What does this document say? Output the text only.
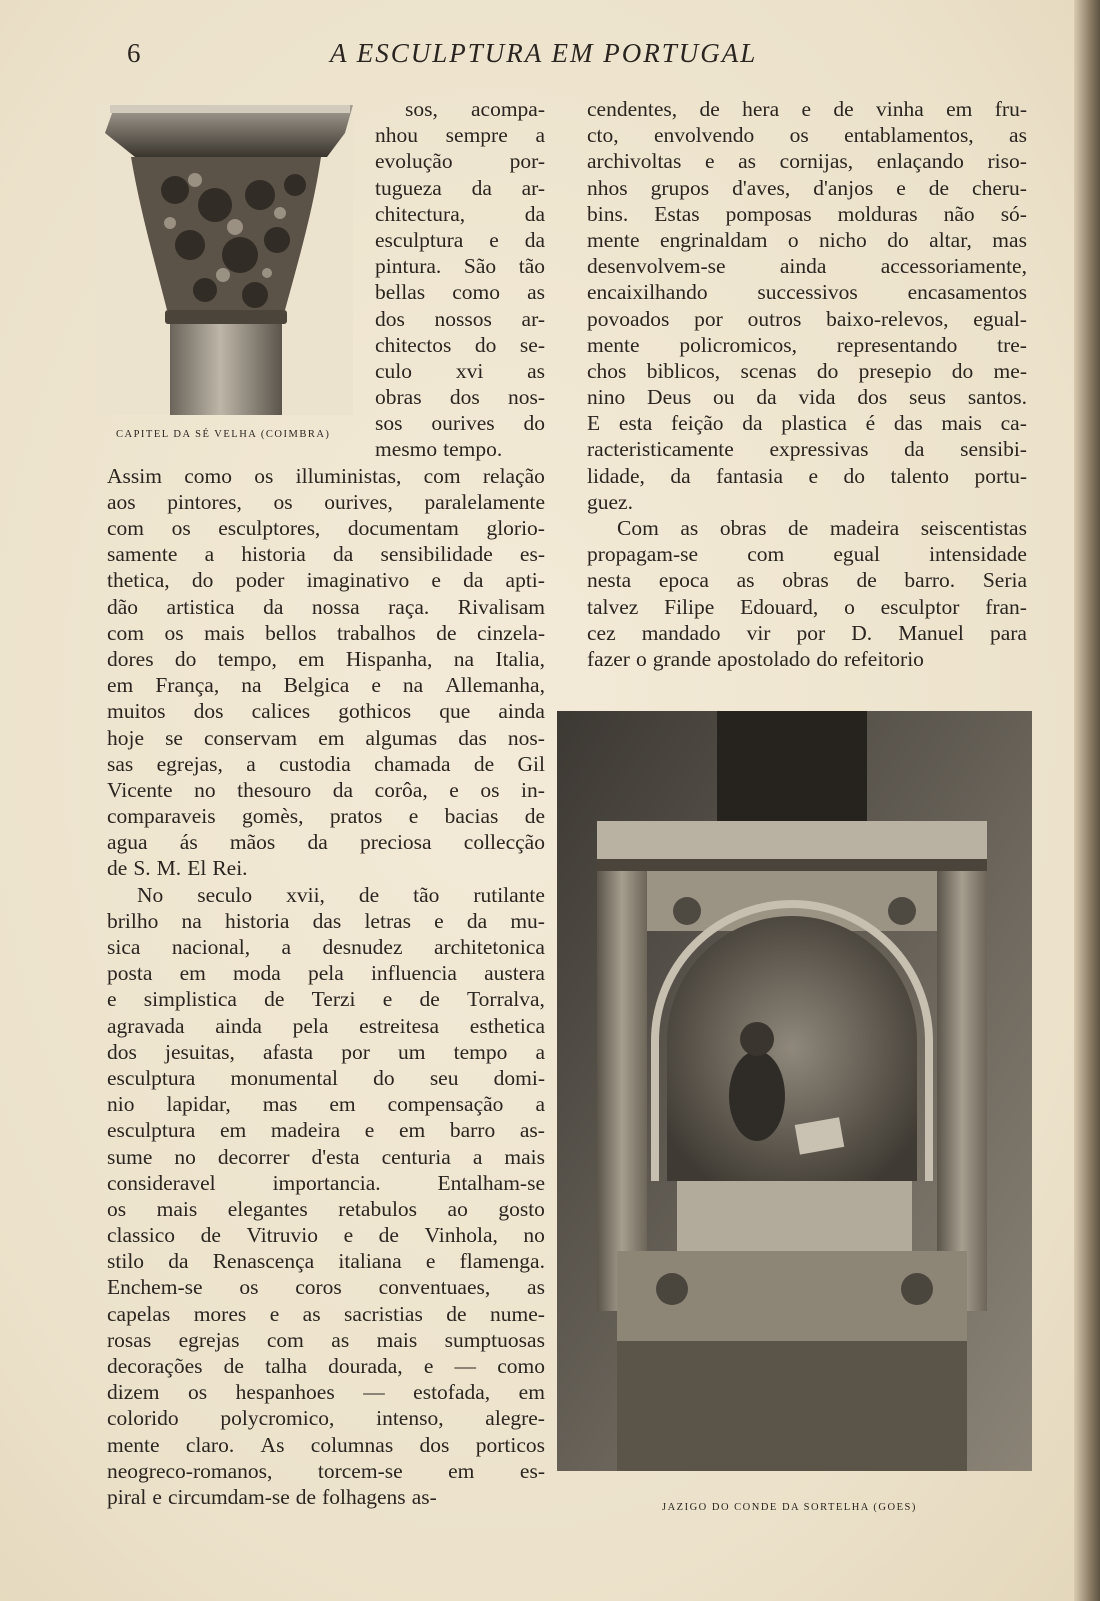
6	A ESCULPTURA EM PORTUGAL
CAPITEL DA SÉ VELHA (COIMBRA)
sos, acompa-
nhou sempre a
evolução	por-
tugueza da ar-
chitectura,	da
esculptura e da
pintura. São tão
bellas como as
dos nossos ar-
chitectos do se-
culo xvi as
obras dos nos-
sos ourives do
mesmo tempo.
Assim como os illuministas, com relação
aos pintores, os ourives, paralelamente
com os esculptores, documentam glorio-
samente a historia da sensibilidade es-
thetica, do poder imaginativo e da apti-
dão artistica da nossa raça. Rivalisam
com os mais bellos trabalhos de cinzela-
dores do tempo, em Hispanha, na Italia,
em França, na Belgica e na Allemanha,
muitos dos calices gothicos que ainda
hoje se conservam em algumas das nos-
sas egrejas, a custodia chamada de Gil
Vicente no thesouro da corôa, e os in-
comparaveis gomès, pratos e bacias de
agua ás mãos da preciosa collecção
de S. M. El Rei.
No seculo xvii, de tão rutilante
brilho na historia das letras e da mu-
sica nacional, a desnudez architetonica
posta em moda pela influencia austera
e simplistica de Terzi e de Torralva,
agravada ainda pela estreitesa esthetica
dos jesuitas, afasta por um tempo a
esculptura monumental do seu domi-
nio lapidar, mas em compensação a
esculptura em madeira e em barro as-
sume no decorrer d'esta centuria a mais
consideravel	importancia.	Entalham-se
os mais elegantes retabulos ao gosto
classico de Vitruvio e de Vinhola, no
stilo da Renascença italiana e flamenga.
Enchem-se os coros conventuaes, as
capelas mores e as sacristias de nume-
rosas egrejas com as mais sumptuosas
decorações de talha dourada, e — como
dizem os hespanhoes — estofada, em
colorido polycromico, intenso, alegre-
mente claro. As columnas dos porticos
neogreco-romanos, torcem-se em es-
piral e circumdam-se de folhagens as-
cendentes, de hera e de vinha em fru-
cto, envolvendo os entablamentos, as
archivoltas e as cornijas, enlaçando riso-
nhos grupos d'aves, d'anjos e de cheru-
bins. Estas pomposas molduras não só-
mente engrinaldam o nicho do altar, mas
desenvolvem-se	ainda	accessoriamente,
encaixilhando successivos encasamentos
povoados por outros baixo-relevos, egual-
mente policromicos, representando tre-
chos biblicos, scenas do presepio do me-
nino Deus ou da vida dos seus santos.
E esta feição da plastica é das mais ca-
racteristicamente expressivas da sensibi-
lidade, da fantasia e do talento portu-
guez.
Com as obras de madeira seiscentistas
propagam-se com egual intensidade
nesta epoca as obras de barro. Seria
talvez Filipe Edouard, o esculptor fran-
cez mandado vir por D. Manuel para
fazer o grande apostolado do refeitorio
JAZIGO DO CONDE DA SORTELHA (GOES)
